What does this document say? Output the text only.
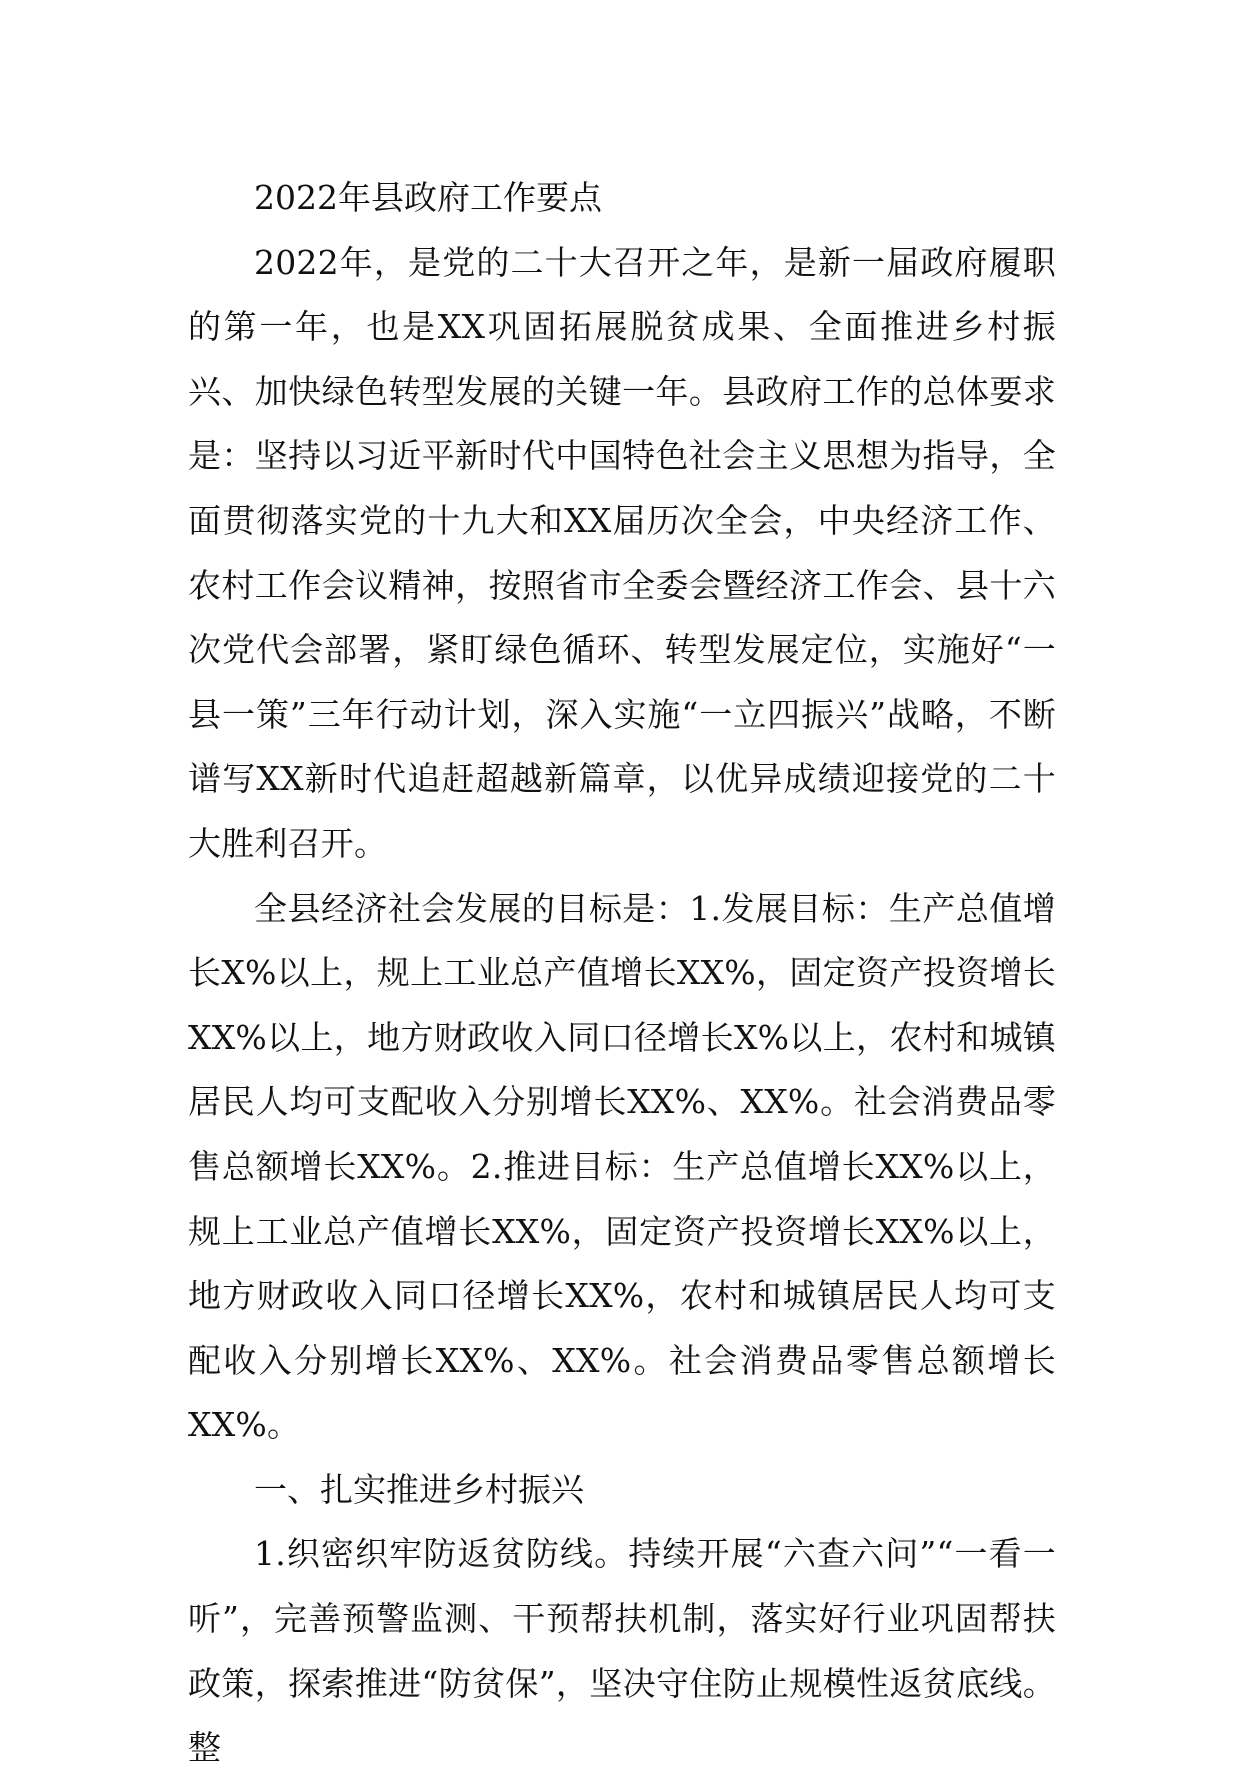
2022年县政府工作要点

2022年，是党的二十大召开之年，是新一届政府履职的第一年，也是XX巩固拓展脱贫成果、全面推进乡村振兴、加快绿色转型发展的关键一年。县政府工作的总体要求是：坚持以习近平新时代中国特色社会主义思想为指导，全面贯彻落实党的十九大和XX届历次全会，中央经济工作、农村工作会议精神，按照省市全委会暨经济工作会、县十六次党代会部署，紧盯绿色循环、转型发展定位，实施好“一县一策”三年行动计划，深入实施“一立四振兴”战略，不断谱写XX新时代追赶超越新篇章，以优异成绩迎接党的二十大胜利召开。

全县经济社会发展的目标是：1.发展目标：生产总值增长X%以上，规上工业总产值增长XX%，固定资产投资增长XX%以上，地方财政收入同口径增长X%以上，农村和城镇居民人均可支配收入分别增长XX%、XX%。社会消费品零售总额增长XX%。2.推进目标：生产总值增长XX%以上，规上工业总产值增长XX%，固定资产投资增长XX%以上，地方财政收入同口径增长XX%，农村和城镇居民人均可支配收入分别增长XX%、XX%。社会消费品零售总额增长XX%。

一、扎实推进乡村振兴

1.织密织牢防返贫防线。持续开展“六查六问”“一看一听”，完善预警监测、干预帮扶机制，落实好行业巩固帮扶政策，探索推进“防贫保”，坚决守住防止规模性返贫底线。整
